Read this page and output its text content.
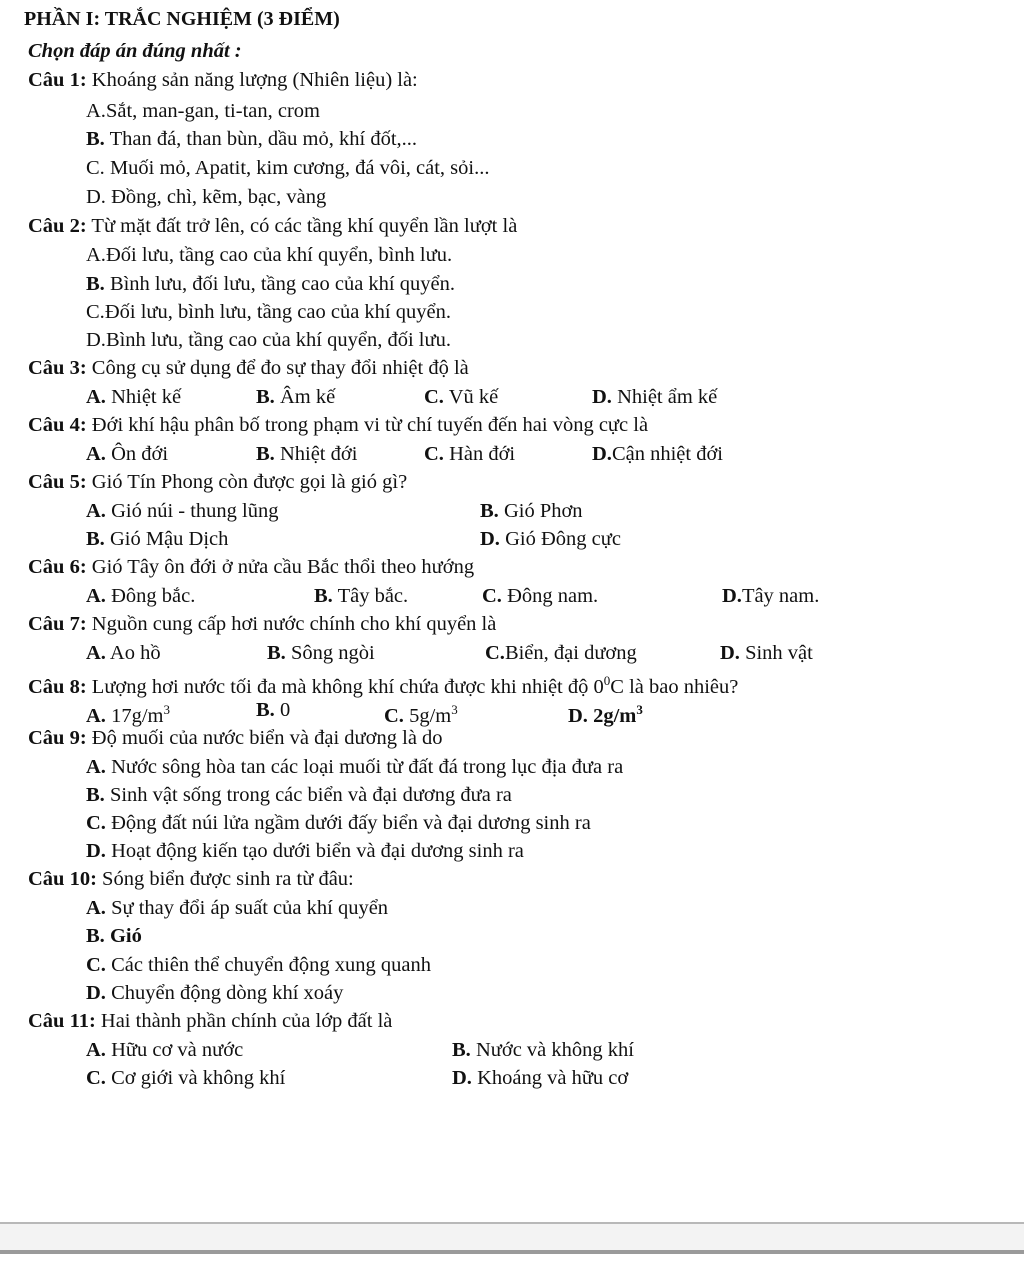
PHẦN I: TRẮC NGHIỆM (3 ĐIỂM)
Chọn đáp án đúng nhất :
Câu 1: Khoáng sản năng lượng (Nhiên liệu) là:
A.Sắt, man-gan, ti-tan, crom
B. Than đá, than bùn, dầu mỏ, khí đốt,...
C. Muối mỏ, Apatit, kim cương, đá vôi, cát, sỏi...
D. Đồng, chì, kẽm, bạc, vàng
Câu 2: Từ mặt đất trở lên, có các tầng khí quyển lần lượt là
A.Đối lưu, tầng cao của khí quyển, bình lưu.
B. Bình lưu, đối lưu, tầng cao của khí quyển.
C.Đối lưu, bình lưu, tầng cao của khí quyển.
D.Bình lưu, tầng cao của khí quyển, đối lưu.
Câu 3: Công cụ sử dụng để đo sự thay đổi nhiệt độ là
A. Nhiệt kế	B. Âm kế	C. Vũ kế	D. Nhiệt ẩm kế
Câu 4: Đới khí hậu phân bố trong phạm vi từ chí tuyến đến hai vòng cực là
A. Ôn đới	B. Nhiệt đới	C. Hàn đới	D.Cận nhiệt đới
Câu 5: Gió Tín Phong còn được gọi là gió gì?
A. Gió núi - thung lũng	B. Gió Phơn
B. Gió Mậu Dịch	D. Gió Đông cực
Câu 6: Gió Tây ôn đới ở nửa cầu Bắc thổi theo hướng
A. Đông bắc.	B. Tây bắc.	C. Đông nam.	D.Tây nam.
Câu 7: Nguồn cung cấp hơi nước chính cho khí quyển là
A. Ao hồ	B. Sông ngòi	C.Biển, đại dương	D. Sinh vật
Câu 8: Lượng hơi nước tối đa mà không khí chứa được khi nhiệt độ $0^0C$ là bao nhiêu?
A. $17g/m^3$	B. 0	C. $5g/m^3$	D. $2g/m^3$
Câu 9: Độ muối của nước biển và đại dương là do
A. Nước sông hòa tan các loại muối từ đất đá trong lục địa đưa ra
B. Sinh vật sống trong các biển và đại dương đưa ra
C. Động đất núi lửa ngầm dưới đấy biển và đại dương sinh ra
D. Hoạt động kiến tạo dưới biển và đại dương sinh ra
Câu 10: Sóng biển được sinh ra từ đâu:
A. Sự thay đổi áp suất của khí quyển
B. Gió
C. Các thiên thể chuyển động xung quanh
D. Chuyển động dòng khí xoáy
Câu 11: Hai thành phần chính của lớp đất là
A. Hữu cơ và nước	B. Nước và không khí
C. Cơ giới và không khí	D. Khoáng và hữu cơ
